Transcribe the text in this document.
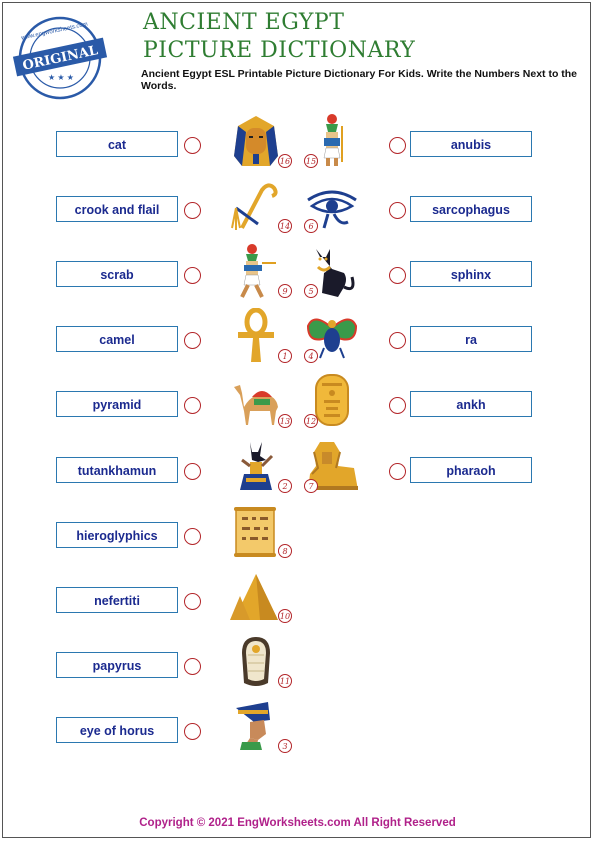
ORIGINAL
www.engworksheets.com
★ ★ ★
ANCIENT EGYPT
PICTURE DICTIONARY
Ancient Egypt ESL Printable Picture Dictionary For Kids. Write the Numbers Next to the Words.
cat
crook and flail
scrab
camel
pyramid
tutankhamun
hieroglyphics
nefertiti
papyrus
eye of horus
anubis
sarcophagus
sphinx
ra
ankh
pharaoh
16 15
14	6
9	5
1	4
13 12
2	7
8
10
11
3
Copyright © 2021 EngWorksheets.com All Right Reserved
